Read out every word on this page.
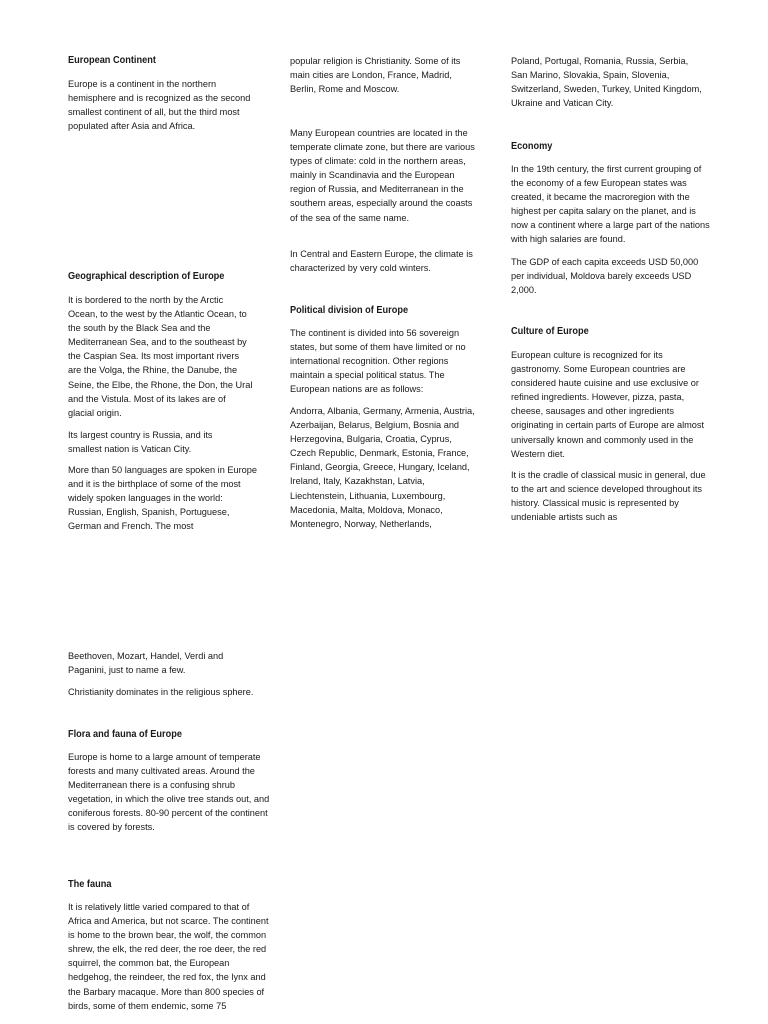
European Continent

Europe is a continent in the northern hemisphere and is recognized as the second smallest continent of all, but the third most populated after Asia and Africa.

Geographical description of Europe

It is bordered to the north by the Arctic Ocean, to the west by the Atlantic Ocean, to the south by the Black Sea and the Mediterranean Sea, and to the southeast by the Caspian Sea. Its most important rivers are the Volga, the Rhine, the Danube, the Seine, the Elbe, the Rhone, the Don, the Ural and the Vistula. Most of its lakes are of glacial origin.

Its largest country is Russia, and its smallest nation is Vatican City.

More than 50 languages are spoken in Europe and it is the birthplace of some of the most widely spoken languages in the world: Russian, English, Spanish, Portuguese, German and French. The most

popular religion is Christianity. Some of its main cities are London, France, Madrid, Berlin, Rome and Moscow.

Many European countries are located in the temperate climate zone, but there are various types of climate: cold in the northern areas, mainly in Scandinavia and the European region of Russia, and Mediterranean in the southern areas, especially around the coasts of the sea of the same name.

In Central and Eastern Europe, the climate is characterized by very cold winters.

Political division of Europe

The continent is divided into 56 sovereign states, but some of them have limited or no international recognition. Other regions maintain a special political status. The European nations are as follows:

Andorra, Albania, Germany, Armenia, Austria, Azerbaijan, Belarus, Belgium, Bosnia and Herzegovina, Bulgaria, Croatia, Cyprus, Czech Republic, Denmark, Estonia, France, Finland, Georgia, Greece, Hungary, Iceland, Ireland, Italy, Kazakhstan, Latvia, Liechtenstein, Lithuania, Luxembourg, Macedonia, Malta, Moldova, Monaco, Montenegro, Norway, Netherlands,

Poland, Portugal, Romania, Russia, Serbia, San Marino, Slovakia, Spain, Slovenia, Switzerland, Sweden, Turkey, United Kingdom, Ukraine and Vatican City.

Economy

In the 19th century, the first current grouping of the economy of a few European states was created, it became the macroregion with the highest per capita salary on the planet, and is now a continent where a large part of the nations with high salaries are found.

The GDP of each capita exceeds USD 50,000 per individual, Moldova barely exceeds USD 2,000.

Culture of Europe

European culture is recognized for its gastronomy. Some European countries are considered haute cuisine and use exclusive or refined ingredients. However, pizza, pasta, cheese, sausages and other ingredients originating in certain parts of Europe are almost universally known and commonly used in the Western diet.

It is the cradle of classical music in general, due to the art and science developed throughout its history. Classical music is represented by undeniable artists such as

Beethoven, Mozart, Handel, Verdi and Paganini, just to name a few.

Christianity dominates in the religious sphere.

Flora and fauna of Europe

Europe is home to a large amount of temperate forests and many cultivated areas. Around the Mediterranean there is a confusing shrub vegetation, in which the olive tree stands out, and coniferous forests. 80-90 percent of the continent is covered by forests.

The fauna

It is relatively little varied compared to that of Africa and America, but not scarce. The continent is home to the brown bear, the wolf, the common shrew, the elk, the red deer, the roe deer, the red squirrel, the common bat, the European hedgehog, the reindeer, the red fox, the lynx and the Barbary macaque. More than 800 species of birds, some of them endemic, some 75
